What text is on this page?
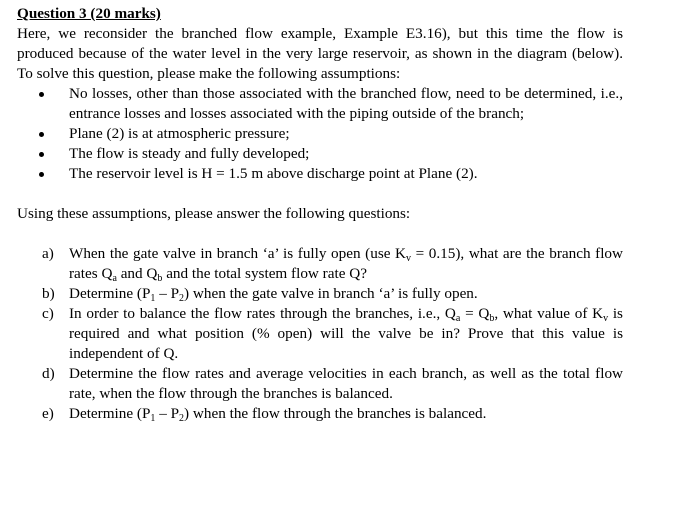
Question 3 (20 marks)

Here, we reconsider the branched flow example, Example E3.16), but this time the flow is produced because of the water level in the very large reservoir, as shown in the diagram (below). To solve this question, please make the following assumptions:

No losses, other than those associated with the branched flow, need to be determined, i.e., entrance losses and losses associated with the piping outside of the branch;
Plane (2) is at atmospheric pressure;
The flow is steady and fully developed;
The reservoir level is H = 1.5 m above discharge point at Plane (2).

Using these assumptions, please answer the following questions:

a) When the gate valve in branch ‘a’ is fully open (use $K_v = 0.15$), what are the branch flow rates $Q_a$ and $Q_b$ and the total system flow rate Q?
b) Determine $(P_1 - P_2)$ when the gate valve in branch ‘a’ is fully open.
c) In order to balance the flow rates through the branches, i.e., $Q_a = Q_b$, what value of $K_v$ is required and what position (% open) will the valve be in? Prove that this value is independent of Q.
d) Determine the flow rates and average velocities in each branch, as well as the total flow rate, when the flow through the branches is balanced.
e) Determine $(P_1 - P_2)$ when the flow through the branches is balanced.
